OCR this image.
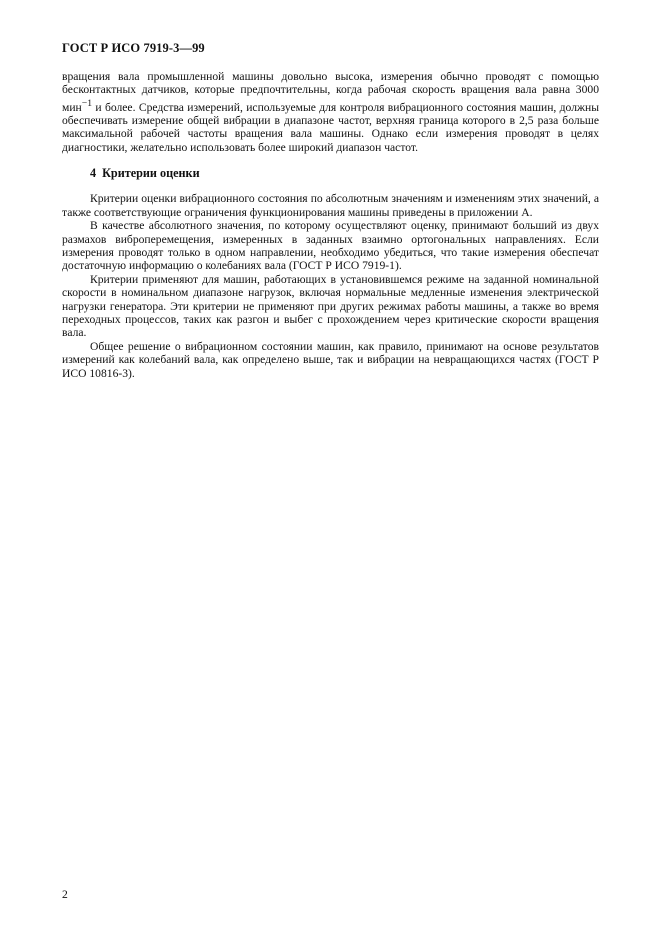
ГОСТ Р ИСО 7919-3—99

вращения вала промышленной машины довольно высока, измерения обычно проводят с помощью бесконтактных датчиков, которые предпочтительны, когда рабочая скорость вращения вала равна 3000 мин$^{-1}$ и более. Средства измерений, используемые для контроля вибрационного состояния машин, должны обеспечивать измерение общей вибрации в диапазоне частот, верхняя граница которого в 2,5 раза больше максимальной рабочей частоты вращения вала машины. Однако если измерения проводят в целях диагностики, желательно использовать более широкий диапазон частот.

4 Критерии оценки

Критерии оценки вибрационного состояния по абсолютным значениям и изменениям этих значений, а также соответствующие ограничения функционирования машины приведены в приложении А.

В качестве абсолютного значения, по которому осуществляют оценку, принимают больший из двух размахов виброперемещения, измеренных в заданных взаимно ортогональных направлениях. Если измерения проводят только в одном направлении, необходимо убедиться, что такие измерения обеспечат достаточную информацию о колебаниях вала (ГОСТ Р ИСО 7919-1).

Критерии применяют для машин, работающих в установившемся режиме на заданной номинальной скорости в номинальном диапазоне нагрузок, включая нормальные медленные изменения электрической нагрузки генератора. Эти критерии не применяют при других режимах работы машины, а также во время переходных процессов, таких как разгон и выбег с прохождением через критические скорости вращения вала.

Общее решение о вибрационном состоянии машин, как правило, принимают на основе результатов измерений как колебаний вала, как определено выше, так и вибрации на невращающихся частях (ГОСТ Р ИСО 10816-3).

2
